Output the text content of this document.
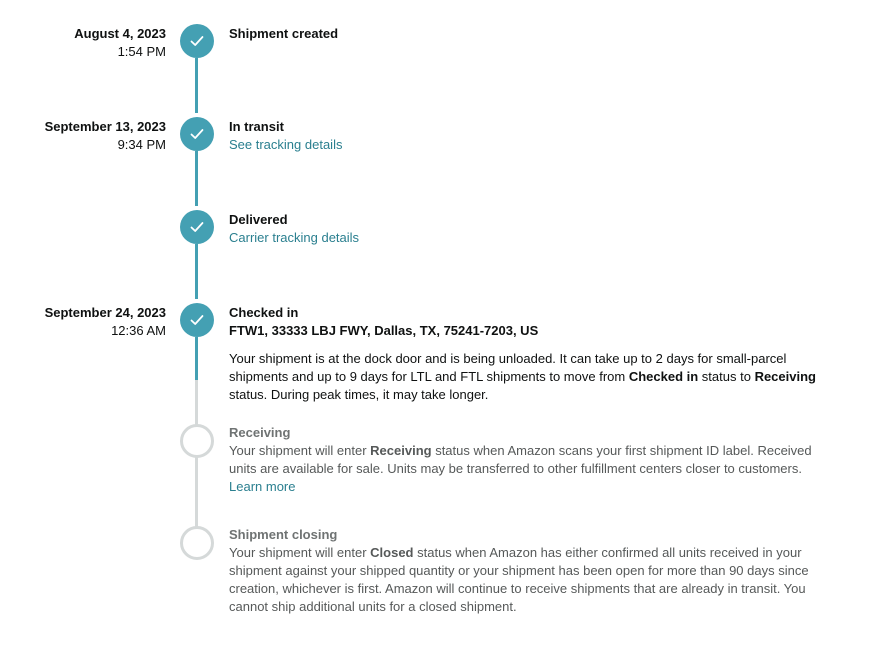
August 4, 2023
1:54 PM
Shipment created
September 13, 2023
9:34 PM
In transit
See tracking details
Delivered
Carrier tracking details
September 24, 2023
12:36 AM
Checked in
FTW1, 33333 LBJ FWY, Dallas, TX, 75241-7203, US
Your shipment is at the dock door and is being unloaded. It can take up to 2 days for small-parcel shipments and up to 9 days for LTL and FTL shipments to move from Checked in status to Receiving status. During peak times, it may take longer.
Receiving
Your shipment will enter Receiving status when Amazon scans your first shipment ID label. Received units are available for sale. Units may be transferred to other fulfillment centers closer to customers. Learn more
Shipment closing
Your shipment will enter Closed status when Amazon has either confirmed all units received in your shipment against your shipped quantity or your shipment has been open for more than 90 days since creation, whichever is first. Amazon will continue to receive shipments that are already in transit. You cannot ship additional units for a closed shipment.
